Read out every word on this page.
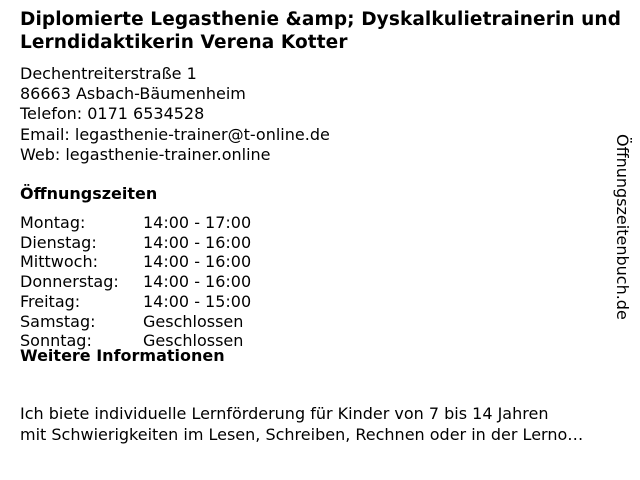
Diplomierte Legasthenie &amp; Dyskalkulietrainerin und  Lerndidaktikerin Verena Kotter
Dechentreiterstraße 1
86663 Asbach-Bäumenheim
Telefon: 0171 6534528
Email: legasthenie-trainer@t-online.de
Web: legasthenie-trainer.online
Öffnungszeiten
Montag:	14:00 - 17:00
Dienstag:	14:00 - 16:00
Mittwoch:	14:00 - 16:00
Donnerstag:	14:00 - 16:00
Freitag:	14:00 - 15:00
Samstag:	Geschlossen
Sonntag:	Geschlossen
Weitere Informationen
Ich biete individuelle Lernförderung für Kinder von 7 bis 14 Jahren
mit Schwierigkeiten im Lesen, Schreiben, Rechnen oder in der Lerno…
Öffnungszeitenbuch.de
